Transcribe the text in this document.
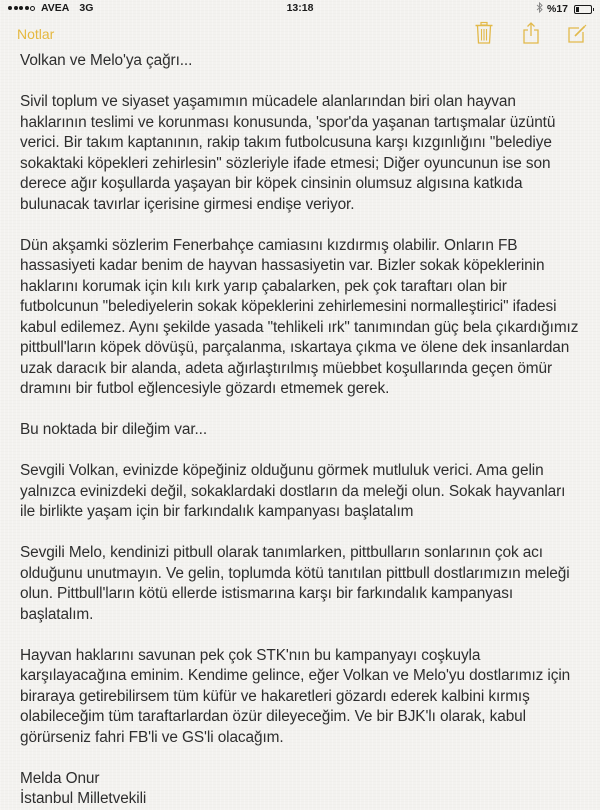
AVEA 3G	13:18	%17
Notlar

Volkan ve Melo'ya çağrı...

Sivil toplum ve siyaset yaşamımın mücadele alanlarından biri olan hayvan haklarının teslimi ve korunması konusunda, 'spor'da yaşanan tartışmalar üzüntü verici. Bir takım kaptanının, rakip takım futbolcusuna karşı kızgınlığını "belediye sokaktaki köpekleri zehirlesin" sözleriyle ifade etmesi; Diğer oyuncunun ise son derece ağır koşullarda yaşayan bir köpek cinsinin olumsuz algısına katkıda bulunacak tavırlar içerisine girmesi endişe veriyor.

Dün akşamki sözlerim Fenerbahçe camiasını kızdırmış olabilir. Onların FB hassasiyeti kadar benim de hayvan hassasiyetin var. Bizler sokak köpeklerinin haklarını korumak için kılı kırk yarıp çabalarken, pek çok taraftarı olan bir futbolcunun "belediyelerin sokak köpeklerini zehirlemesini normalleştirici" ifadesi kabul edilemez. Aynı şekilde yasada "tehlikeli ırk" tanımından güç bela çıkardığımız pittbull'ların köpek dövüşü, parçalanma, ıskartaya çıkma ve ölene dek insanlardan uzak daracık bir alanda, adeta ağırlaştırılmış müebbet koşullarında geçen ömür dramını bir futbol eğlencesiyle gözardı etmemek gerek.

Bu noktada bir dileğim var...

Sevgili Volkan, evinizde köpeğiniz olduğunu görmek mutluluk verici. Ama gelin yalnızca evinizdeki değil, sokaklardaki dostların da meleği olun. Sokak hayvanları ile birlikte yaşam için bir farkındalık kampanyası başlatalım

Sevgili Melo, kendinizi pitbull olarak tanımlarken, pittbulların sonlarının çok acı olduğunu unutmayın. Ve gelin, toplumda kötü tanıtılan pittbull dostlarımızın meleği olun. Pittbull'ların kötü ellerde istismarına karşı bir farkındalık kampanyası başlatalım.

Hayvan haklarını savunan pek çok STK'nın bu kampanyayı coşkuyla karşılayacağına eminim. Kendime gelince, eğer Volkan ve Melo'yu dostlarımız için biraraya getirebilirsem tüm küfür ve hakaretleri gözardı ederek kalbini kırmış olabileceğim tüm taraftarlardan özür dileyeceğim. Ve bir BJK'lı olarak, kabul görürseniz fahri FB'li ve GS'li olacağım.

Melda Onur

İstanbul Milletvekili
